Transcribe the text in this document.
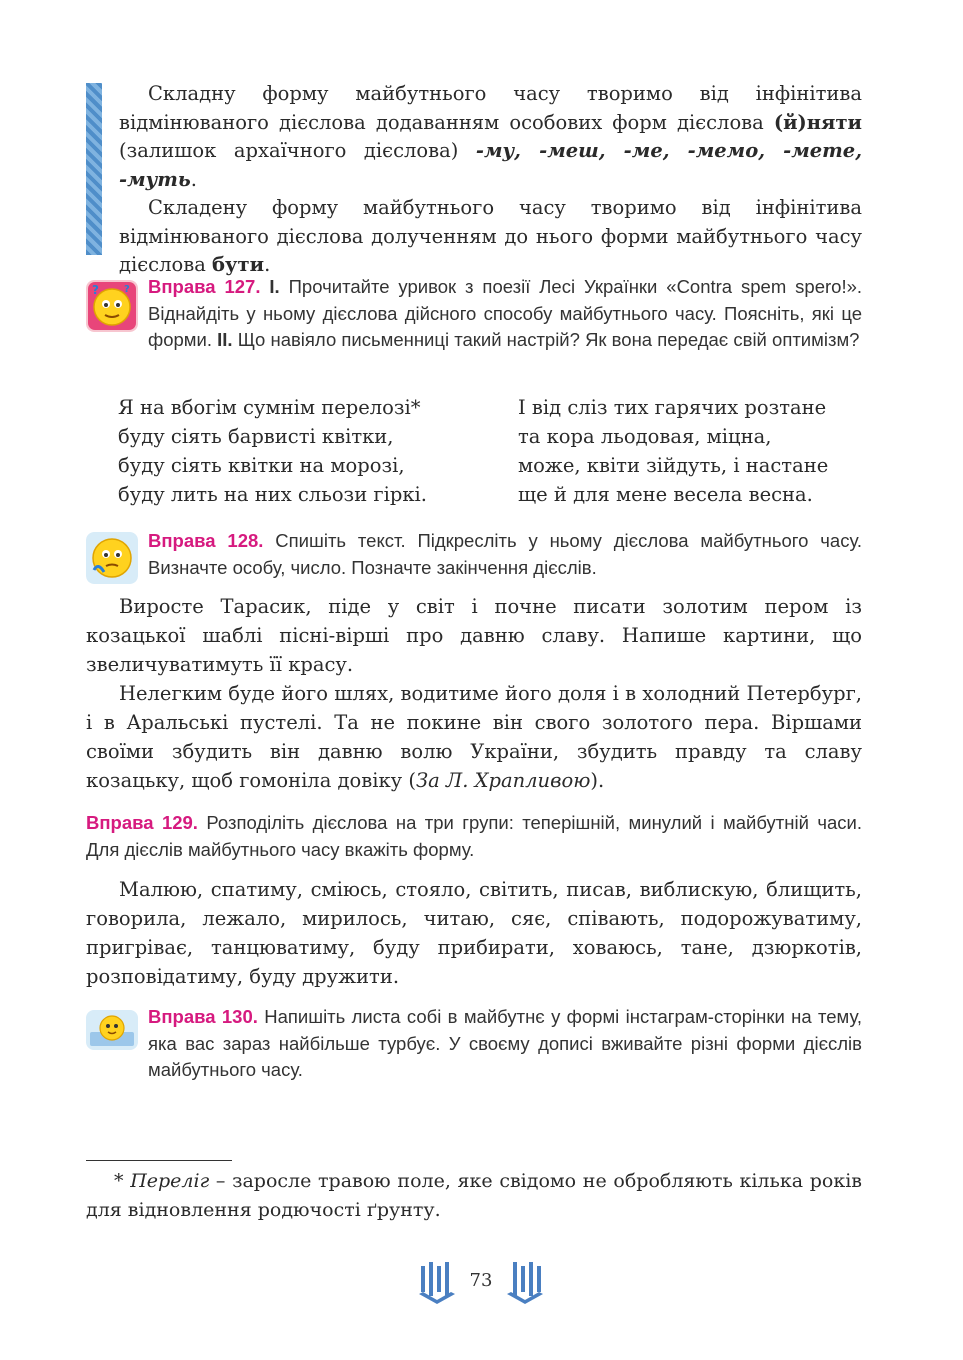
Складну форму майбутнього часу творимо від інфінітива відмінюваного дієслова додаванням особових форм дієслова (й)няти (залишок архаїчного дієслова) -му, -меш, -ме, -мемо, -мете, -муть.

Складену форму майбутнього часу творимо від інфінітива відмінюваного дієслова долученням до нього форми майбутнього часу дієслова бути.

?	? Вправа 127. І. Прочитайте уривок з поезії Лесі Українки «Contra spem spero!». Віднайдіть у ньому дієслова дійсного способу майбутнього часу. Поясніть, які це форми. ІІ. Що навіяло письменниці такий настрій? Як вона передає свій оптимізм?
Я на вбогім сумнім перелозі*
буду сіять барвисті квітки,
буду сіять квітки на морозі,
буду лить на них сльози гіркі.
І від сліз тих гарячих розтане
та кора льодовая, міцна,
може, квіти зійдуть, і настане
ще й для мене весела весна.
Вправа 128. Спишіть текст. Підкресліть у ньому дієслова майбутнього часу. Визначте особу, число. Позначте закінчення дієслів.

Виросте Тарасик, піде у світ і почне писати золотим пером із козацької шаблі пісні-вірші про давню славу. Напише картини, що звеличуватимуть її красу.

Нелегким буде його шлях, водитиме його доля і в холодний Петербург, і в Аральські пустелі. Та не покине він свого золотого пера. Віршами своїми збудить він давню волю України, збудить правду та славу козацьку, щоб гомоніла довіку (За Л. Храпливою).

Вправа 129. Розподіліть дієслова на три групи: теперішній, минулий і майбутній часи. Для дієслів майбутнього часу вкажіть форму.

Малюю, спатиму, сміюсь, стояло, світить, писав, виблискую, блищить, говорила, лежало, мирилось, читаю, сяє, співають, подорожуватиму, пригріває, танцюватиму, буду прибирати, ховаюсь, тане, дзюркотів, розповідатиму, буду дружити.

Вправа 130. Напишіть листа собі в майбутнє у формі інстаграм-сторінки на тему, яка вас зараз найбільше турбує. У своєму дописі вживайте різні форми дієслів майбутнього часу.

* Переліг – заросле травою поле, яке свідомо не обробляють кілька років для відновлення родючості ґрунту.

73
